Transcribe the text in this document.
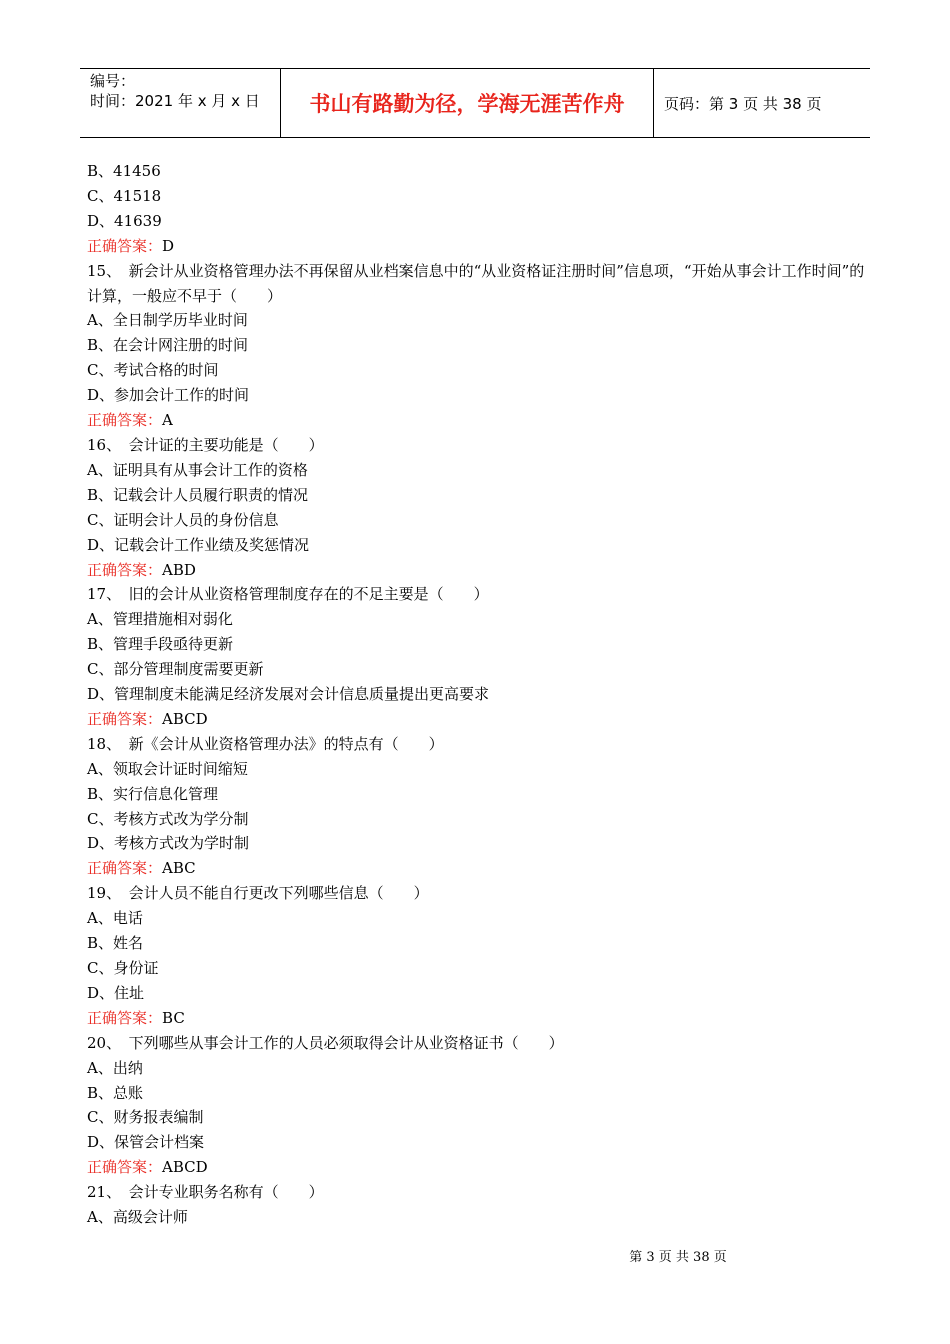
编号：
时间：2021 年 x 月 x 日	书山有路勤为径，学海无涯苦作舟	页码：第 3 页 共 38 页
B、41456
C、41518
D、41639
正确答案：D
15、　新会计从业资格管理办法不再保留从业档案信息中的“从业资格证注册时间”信息项，“开始从事会计工作时间”的计算，一般应不早于（　　）
A、全日制学历毕业时间
B、在会计网注册的时间
C、考试合格的时间
D、参加会计工作的时间
正确答案：A
16、　会计证的主要功能是（　　）
A、证明具有从事会计工作的资格
B、记载会计人员履行职责的情况
C、证明会计人员的身份信息
D、记载会计工作业绩及奖惩情况
正确答案：ABD
17、　旧的会计从业资格管理制度存在的不足主要是（　　）
A、管理措施相对弱化
B、管理手段亟待更新
C、部分管理制度需要更新
D、管理制度未能满足经济发展对会计信息质量提出更高要求
正确答案：ABCD
18、　新《会计从业资格管理办法》的特点有（　　）
A、领取会计证时间缩短
B、实行信息化管理
C、考核方式改为学分制
D、考核方式改为学时制
正确答案：ABC
19、　会计人员不能自行更改下列哪些信息（　　）
A、电话
B、姓名
C、身份证
D、住址
正确答案：BC
20、　下列哪些从事会计工作的人员必须取得会计从业资格证书（　　）
A、出纳
B、总账
C、财务报表编制
D、保管会计档案
正确答案：ABCD
21、　会计专业职务名称有（　　）
A、高级会计师
第 3 页 共 38 页
